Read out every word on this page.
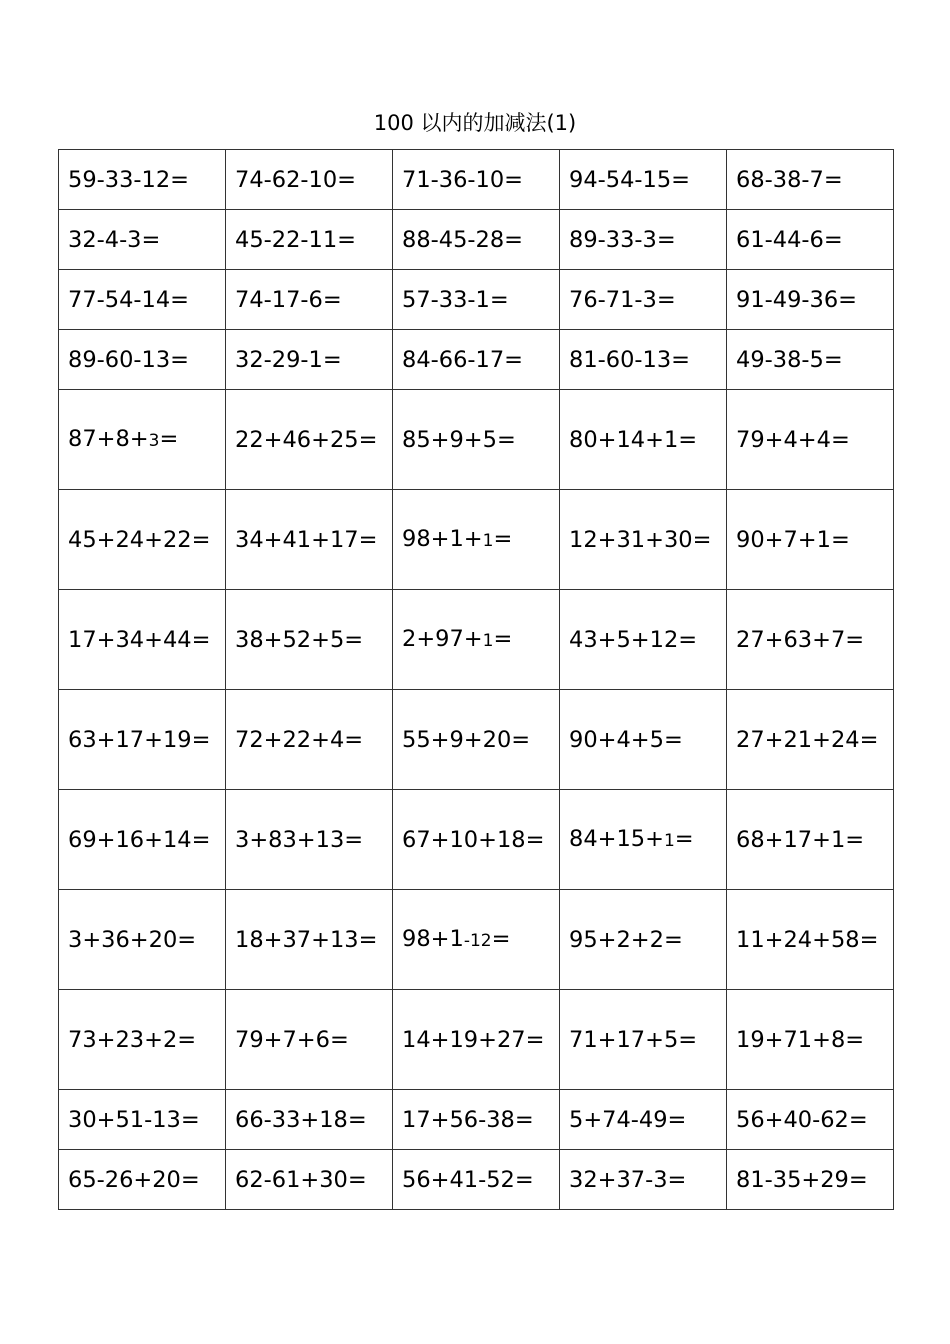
100 以内的加减法(1)
59-33-12=	74-62-10=	71-36-10=	94-54-15=	68-38-7=
32-4-3=	45-22-11=	88-45-28=	89-33-3=	61-44-6=
77-54-14=	74-17-6=	57-33-1=	76-71-3=	91-49-36=
89-60-13=	32-29-1=	84-66-17=	81-60-13=	49-38-5=
87+8+3=	22+46+25=	85+9+5=	80+14+1=	79+4+4=
45+24+22=	34+41+17=	98+1+1=	12+31+30=	90+7+1=
17+34+44=	38+52+5=	2+97+1=	43+5+12=	27+63+7=
63+17+19=	72+22+4=	55+9+20=	90+4+5=	27+21+24=
69+16+14=	3+83+13=	67+10+18=	84+15+1=	68+17+1=
3+36+20=	18+37+13=	98+1-12=	95+2+2=	11+24+58=
73+23+2=	79+7+6=	14+19+27=	71+17+5=	19+71+8=
30+51-13=	66-33+18=	17+56-38=	5+74-49=	56+40-62=
65-26+20=	62-61+30=	56+41-52=	32+37-3=	81-35+29=
